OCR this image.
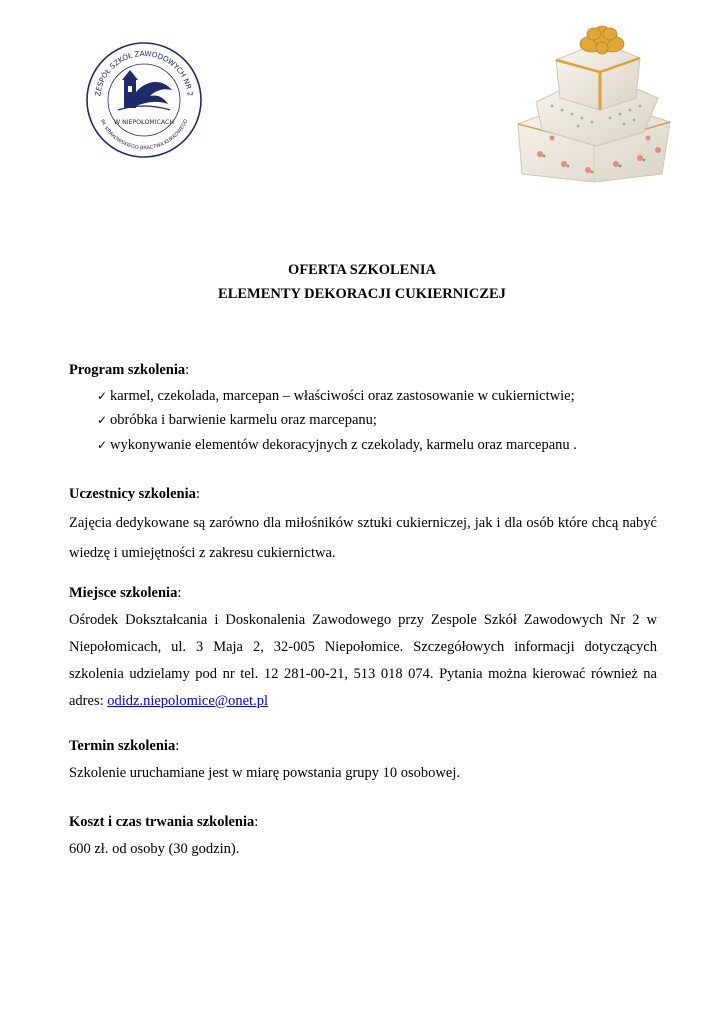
ZESPÓŁ SZKÓŁ ZAWODOWYCH NR 2
IM. KRAKOWSKIEGO BRACTWA KURKOWEGO
W NIEPOŁOMICACH
OFERTA SZKOLENIA
ELEMENTY DEKORACJI CUKIERNICZEJ
Program szkolenia:
✓ karmel, czekolada, marcepan – właściwości oraz zastosowanie w cukiernictwie;
✓ obróbka i barwienie karmelu oraz marcepanu;
✓ wykonywanie elementów dekoracyjnych z czekolady, karmelu oraz marcepanu .
Uczestnicy szkolenia:
Zajęcia dedykowane są zarówno dla miłośników sztuki cukierniczej, jak i dla osób które chcą nabyć wiedzę i umiejętności z zakresu cukiernictwa.
Miejsce szkolenia:
Ośrodek Dokształcania i Doskonalenia Zawodowego przy Zespole Szkół Zawodowych Nr 2 w Niepołomicach, ul. 3 Maja 2, 32-005 Niepołomice. Szczegółowych informacji dotyczących szkolenia udzielamy pod nr tel. 12 281-00-21, 513 018 074. Pytania można kierować również na adres: odidz.niepolomice@onet.pl
Termin szkolenia:
Szkolenie uruchamiane jest w miarę powstania grupy 10 osobowej.
Koszt i czas trwania szkolenia:
600 zł. od osoby (30 godzin).
